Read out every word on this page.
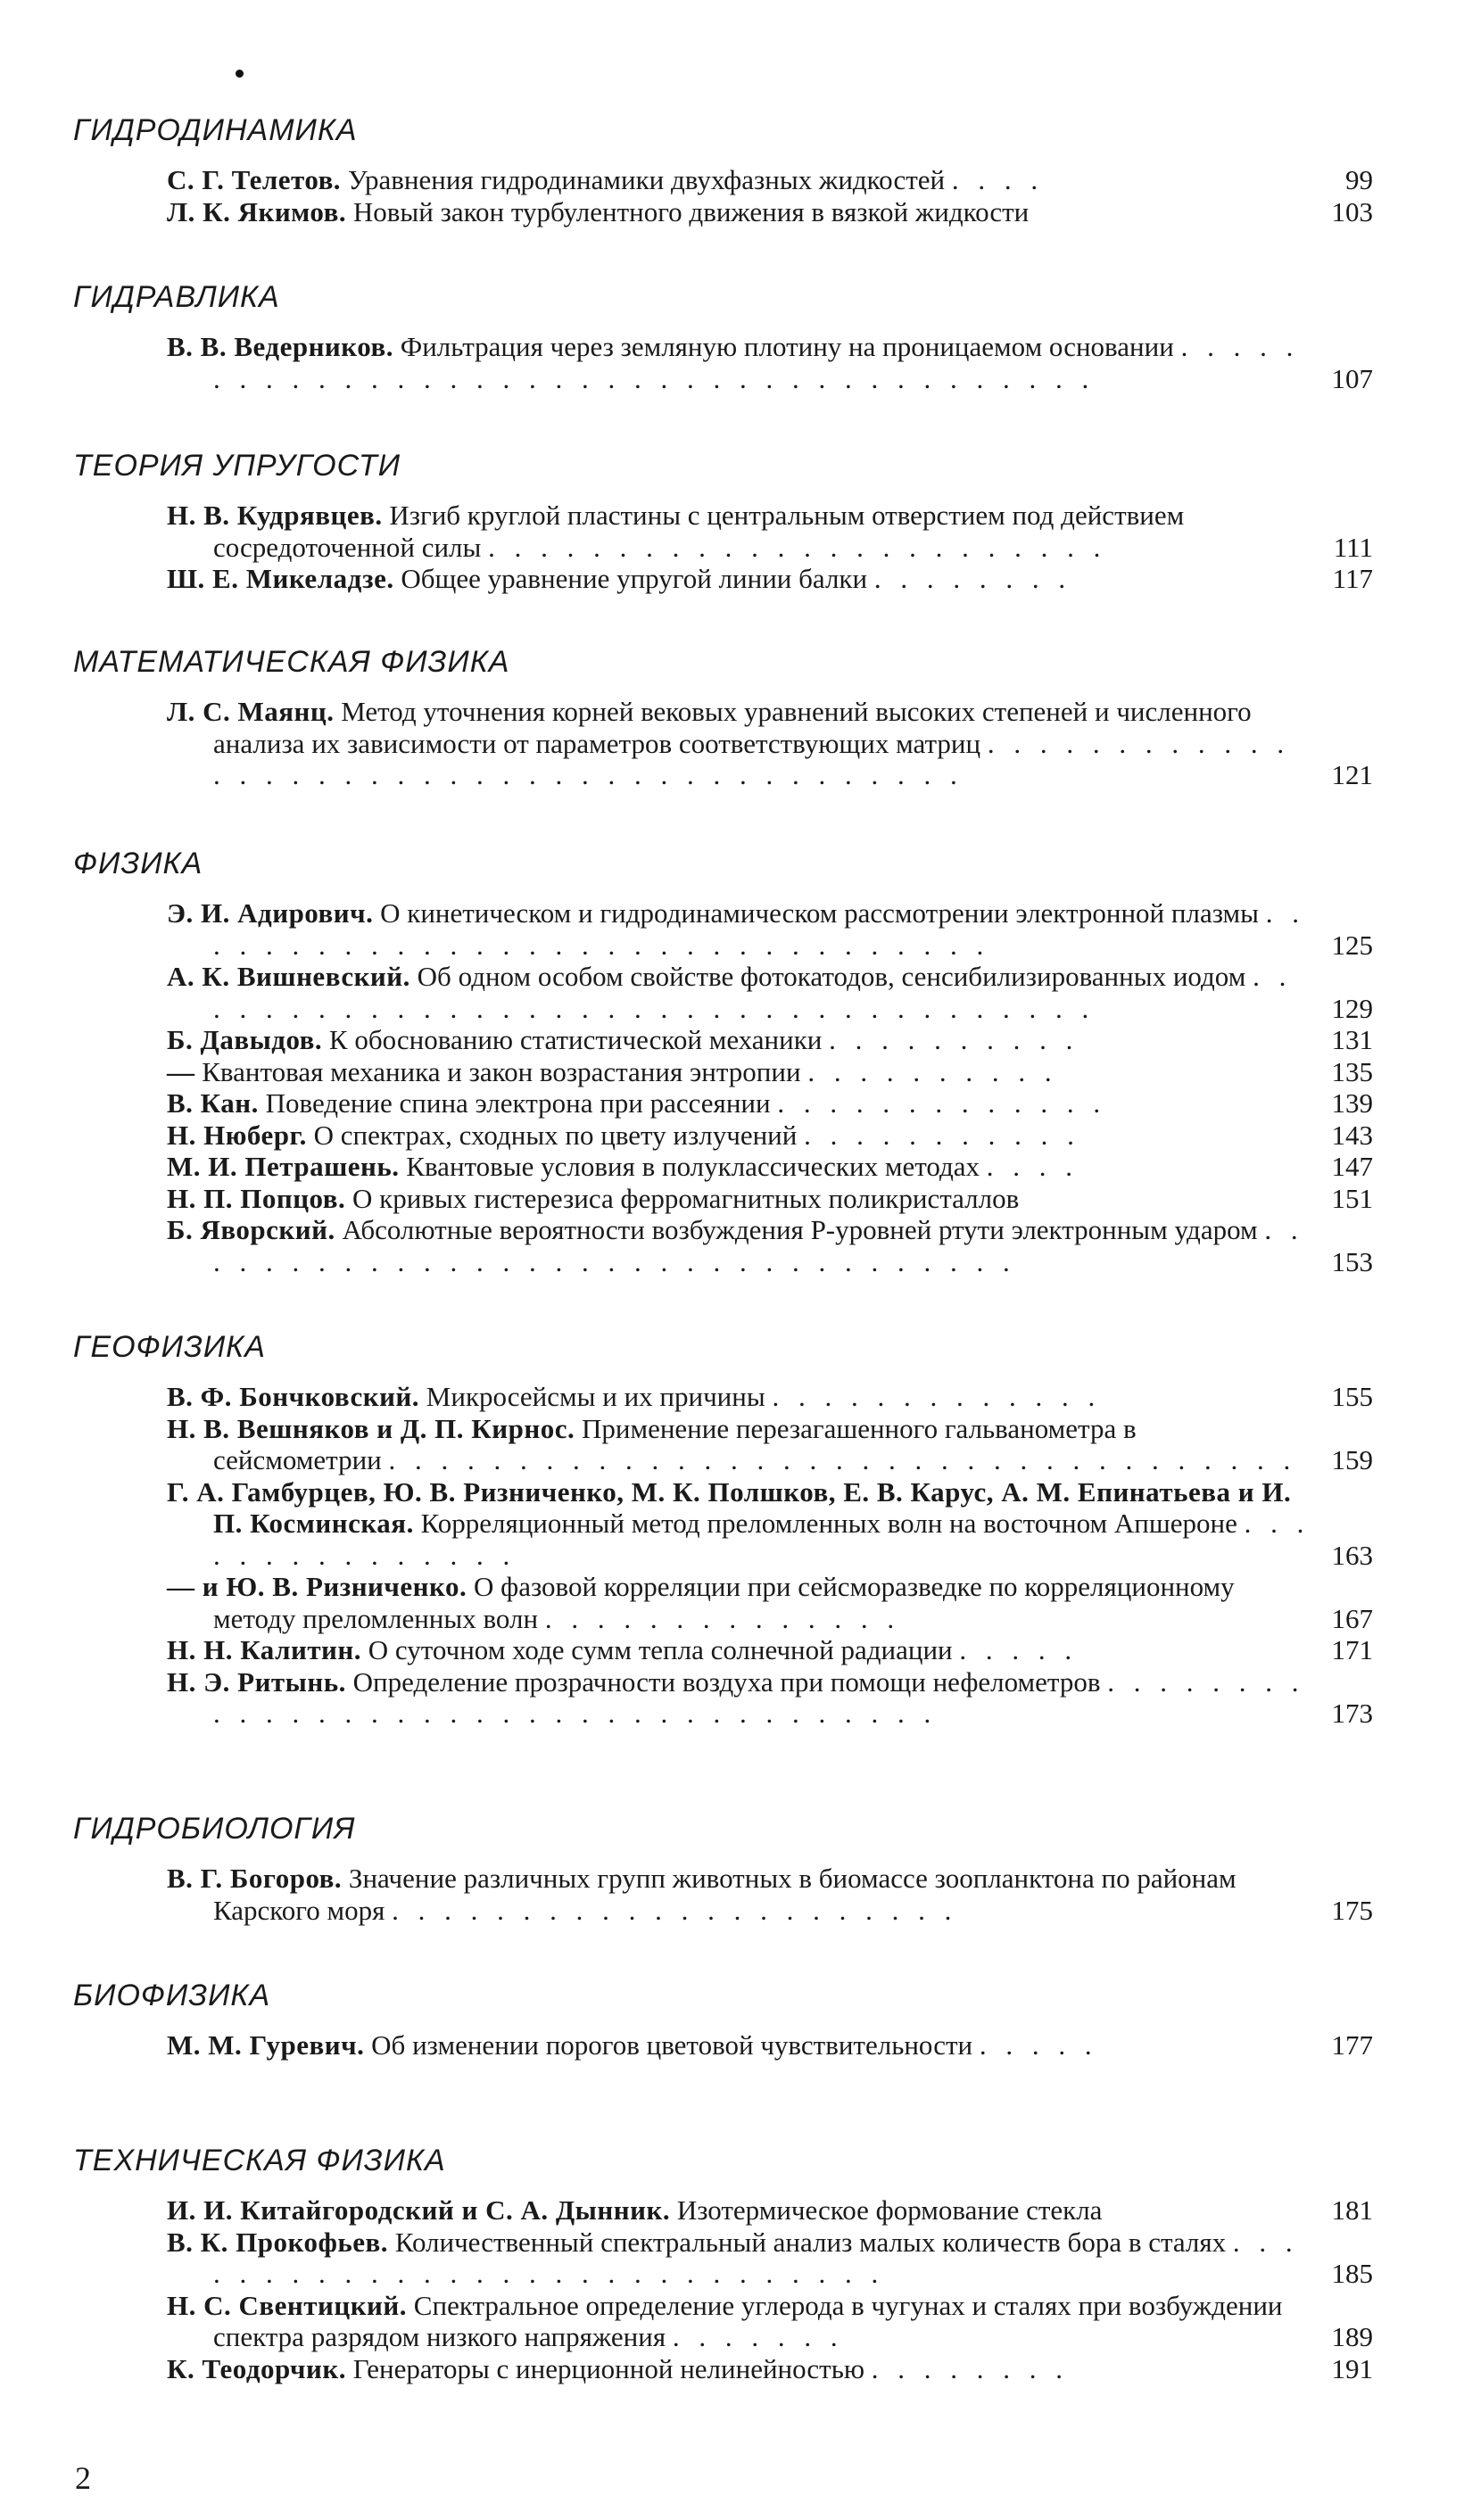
ГИДРОДИНАМИКА
С. Г. Телетов. Уравнения гидродинамики двухфазных жидкостей . . . .	99
Л. К. Якимов. Новый закон турбулентного движения в вязкой жидкости	103
ГИДРАВЛИКА
В. В. Ведерников. Фильтрация через земляную плотину на проницаемом основании . . . . . . . . . . . . . . . . . . . . . . . . . . . . . . . . . . . . . . .	107
ТЕОРИЯ УПРУГОСТИ
Н. В. Кудрявцев. Изгиб круглой пластины с центральным отверстием под действием сосредоточенной силы . . . . . . . . . . . . . . . . . . . . . . . .	111
Ш. Е. Микеладзе. Общее уравнение упругой линии балки . . . . . . . .	117
МАТЕМАТИЧЕСКАЯ ФИЗИКА
Л. С. Маянц. Метод уточнения корней вековых уравнений высоких степеней и численного анализа их зависимости от параметров соответствующих матриц . . . . . . . . . . . . . . . . . . . . . . . . . . . . . . . . . . . . . . . . .	121
ФИЗИКА
Э. И. Адирович. О кинетическом и гидродинамическом рассмотрении электронной плазмы . . . . . . . . . . . . . . . . . . . . . . . . . . . . . . . .	125
А. К. Вишневский. Об одном особом свойстве фотокатодов, сенсибилизированных иодом . . . . . . . . . . . . . . . . . . . . . . . . . . . . . . . . . . . .	129
Б. Давыдов. К обоснованию статистической механики . . . . . . . . . .	131
— Квантовая механика и закон возрастания энтропии . . . . . . . . . .	135
В. Кан. Поведение спина электрона при рассеянии . . . . . . . . . . . . .	139
Н. Нюберг. О спектрах, сходных по цвету излучений . . . . . . . . . . .	143
М. И. Петрашень. Квантовые условия в полуклассических методах . . . .	147
Н. П. Попцов. О кривых гистерезиса ферромагнитных поликристаллов	151
Б. Яворский. Абсолютные вероятности возбуждения P-уровней ртути электронным ударом . . . . . . . . . . . . . . . . . . . . . . . . . . . . . . . . .	153
ГЕОФИЗИКА
В. Ф. Бончковский. Микросейсмы и их причины . . . . . . . . . . . . .	155
Н. В. Вешняков и Д. П. Кирнос. Применение перезагашенного гальванометра в сейсмометрии . . . . . . . . . . . . . . . . . . . . . . . . . . . . . . . . . . .	159
Г. А. Гамбурцев, Ю. В. Ризниченко, М. К. Полшков, Е. В. Карус, А. М. Епинатьева и И. П. Косминская. Корреляционный метод преломленных волн на восточном Апшероне . . . . . . . . . . . . . . .	163
— и Ю. В. Ризниченко. О фазовой корреляции при сейсморазведке по корреляционному методу преломленных волн . . . . . . . . . . . . . .	167
Н. Н. Калитин. О суточном ходе сумм тепла солнечной радиации . . . . .	171
Н. Э. Ритынь. Определение прозрачности воздуха при помощи нефелометров . . . . . . . . . . . . . . . . . . . . . . . . . . . . . . . . . . . .	173
ГИДРОБИОЛОГИЯ
В. Г. Богоров. Значение различных групп животных в биомассе зоопланктона по районам Карского моря . . . . . . . . . . . . . . . . . . . . . .	175
БИОФИЗИКА
М. М. Гуревич. Об изменении порогов цветовой чувствительности . . . . .	177
ТЕХНИЧЕСКАЯ ФИЗИКА
И. И. Китайгородский и С. А. Дынник. Изотермическое формование стекла	181
В. К. Прокофьев. Количественный спектральный анализ малых количеств бора в сталях . . . . . . . . . . . . . . . . . . . . . . . . . . . . .	185
Н. С. Свентицкий. Спектральное определение углерода в чугунах и сталях при возбуждении спектра разрядом низкого напряжения . . . . . . .	189
К. Теодорчик. Генераторы с инерционной нелинейностью . . . . . . . .	191
2
